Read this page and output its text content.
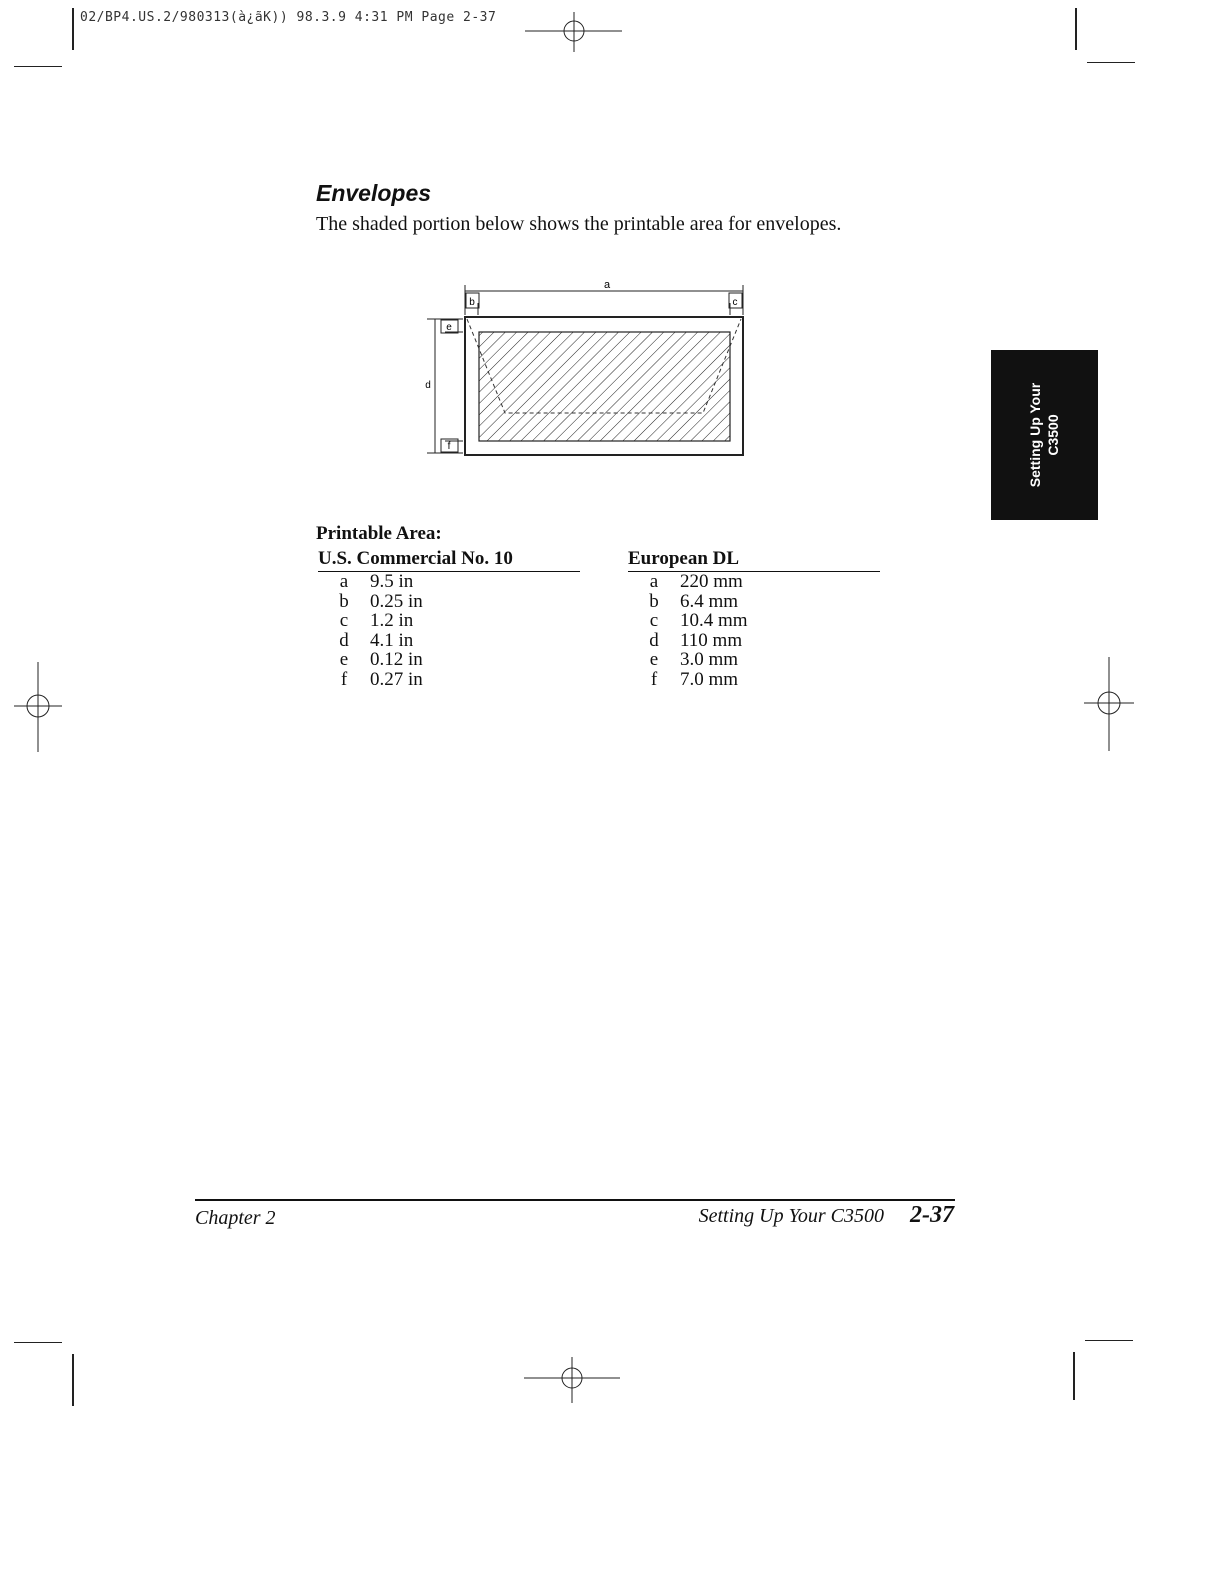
02/BP4.US.2/980313(à¿ãK)) 98.3.9 4:31 PM Page 2-37
Envelopes
The shaded portion below shows the printable area for envelopes.
a
b	c
d
e
f
Printable Area:
U.S. Commercial No. 10
a	9.5 in
b	0.25 in
c	1.2 in
d	4.1 in
e	0.12 in
f	0.27 in
European DL
a	220 mm
b	6.4 mm
c	10.4 mm
d	110 mm
e	3.0 mm
f	7.0 mm
Setting Up Your C3500
Chapter 2	Setting Up Your C3500 2-37
